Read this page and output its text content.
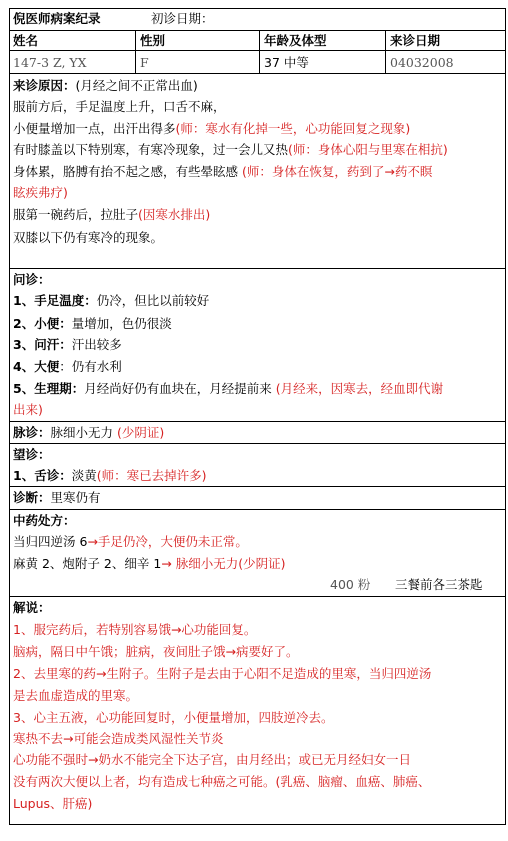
倪医师病案纪录	初诊日期：
姓名	性别	年龄及体型	来诊日期
147-3 Z, YX	F	37 中等	04032008
来诊原因：(月经之间不正常出血)
服前方后，手足温度上升，口舌不麻，
小便量增加一点，出汗出得多(师：寒水有化掉一些，心功能回复之现象)
有时膝盖以下特别寒，有寒冷现象，过一会儿又热(师：身体心阳与里寒在相抗)
身体累，胳膊有抬不起之感，有些晕眩感 (师：身体在恢复，药到了→药不瞑
眩疾弗疗)
服第一碗药后，拉肚子(因寒水排出)
双膝以下仍有寒冷的现象。
问诊：
1、手足温度：仍冷，但比以前较好
2、小便：量增加，色仍很淡
3、问汗：汗出较多
4、大便：仍有水利
5、生理期：月经尚好仍有血块在，月经提前来 (月经来，因寒去，经血即代谢
出来)
脉诊：脉细小无力 (少阴证)
望诊：
1、舌诊：淡黄(师：寒已去掉许多)
诊断：里寒仍有
中药处方：
当归四逆汤 6→手足仍冷，大便仍未正常。
麻黄 2、炮附子 2、细辛 1→ 脉细小无力(少阴证)
400 粉 三餐前各三茶匙
解说：
1、服完药后，若特别容易饿→心功能回复。
脑病，隔日中午饿；脏病，夜间肚子饿→病要好了。
2、去里寒的药→生附子。生附子是去由于心阳不足造成的里寒，当归四逆汤
是去血虚造成的里寒。
3、心主五液，心功能回复时，小便量增加，四肢逆冷去。
寒热不去→可能会造成类风湿性关节炎
心功能不强时→奶水不能完全下达子宫，由月经出；或已无月经妇女一日
没有两次大便以上者，均有造成七种癌之可能。(乳癌、脑瘤、血癌、肺癌、
Lupus、肝癌)
